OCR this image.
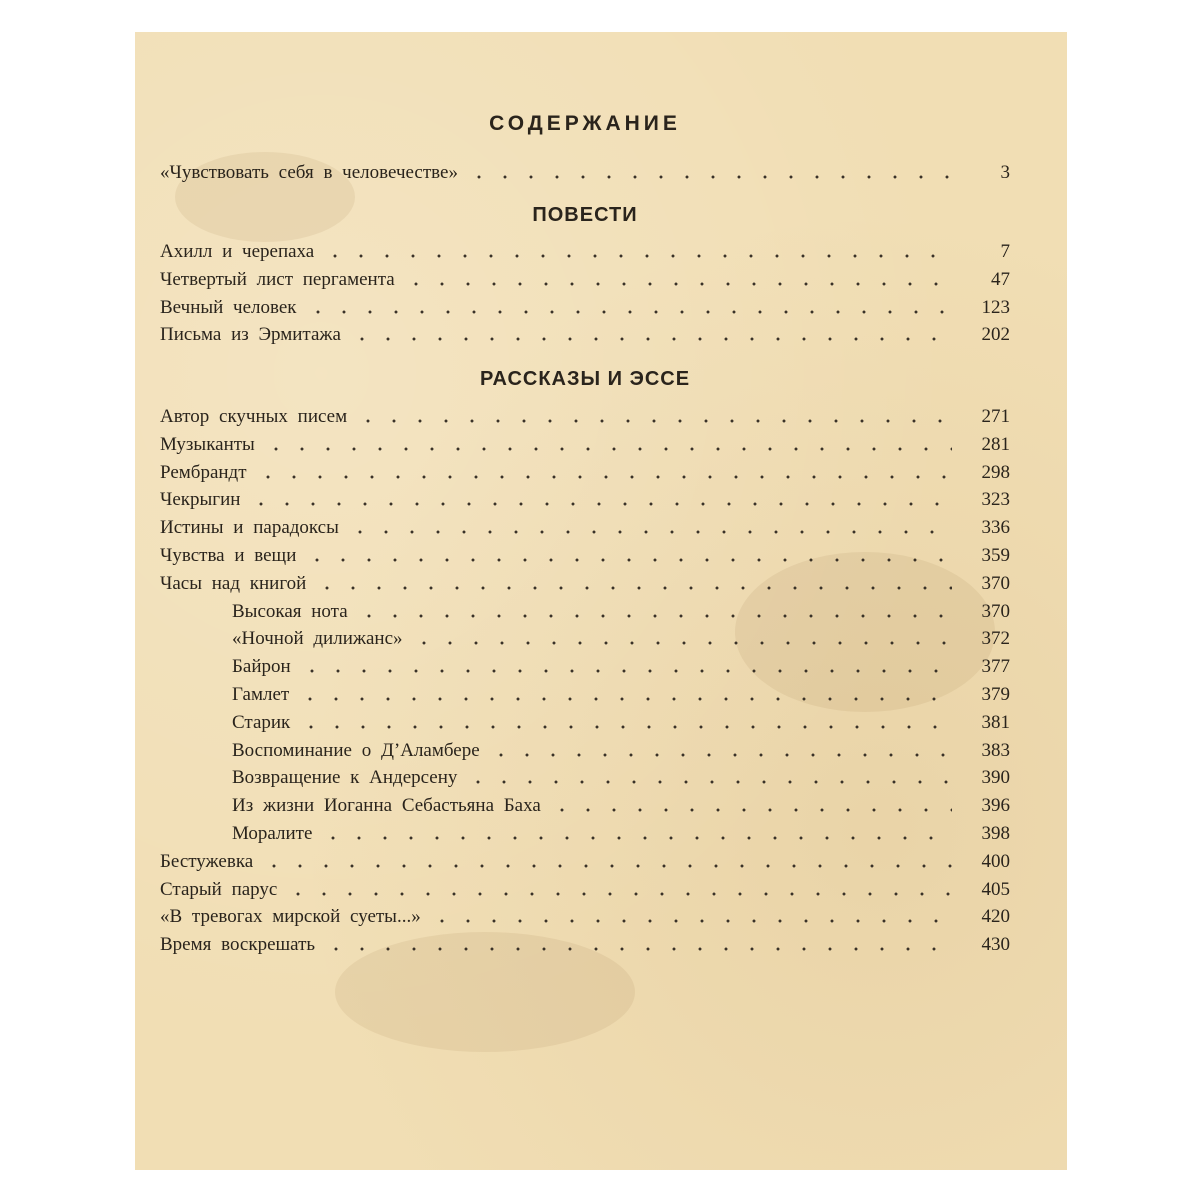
СОДЕРЖАНИЕ
«Чувствовать себя в человечестве»	3
ПОВЕСТИ
Ахилл и черепаха	7
Четвертый лист пергамента	47
Вечный человек	123
Письма из Эрмитажа	202
РАССКАЗЫ И ЭССЕ
Автор скучных писем	271
Музыканты	281
Рембрандт	298
Чекрыгин	323
Истины и парадоксы	336
Чувства и вещи	359
Часы над книгой	370
Высокая нота	370
«Ночной дилижанс»	372
Байрон	377
Гамлет	379
Старик	381
Воспоминание о Д’Аламбере	383
Возвращение к Андерсену	390
Из жизни Иоганна Себастьяна Баха	396
Моралите	398
Бестужевка	400
Старый парус	405
«В тревогах мирской суеты...»	420
Время воскрешать	430
